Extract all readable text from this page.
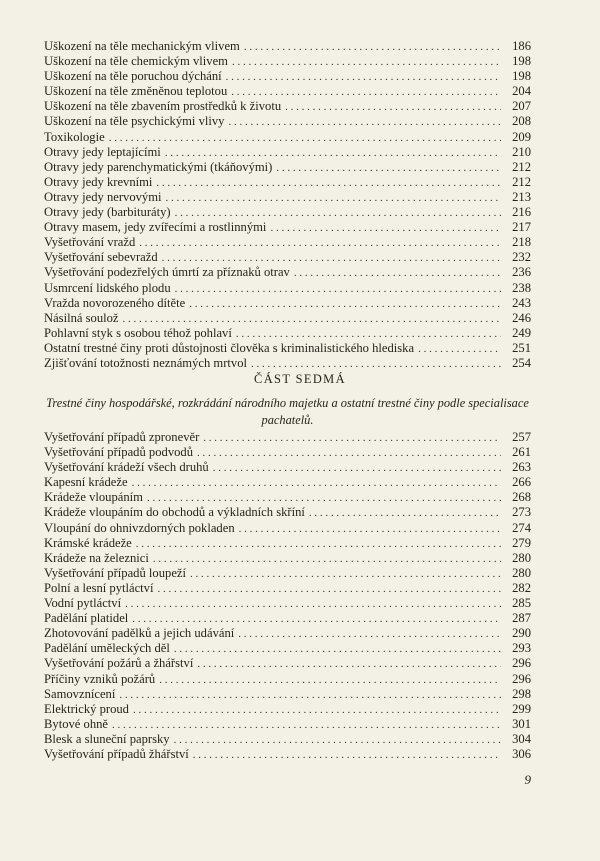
Uškození na těle mechanickým vlivem . . .	186
Uškození na těle chemickým vlivem . . .	198
Uškození na těle poruchou dýchání . . .	198
Uškození na těle změněnou teplotou . . .	204
Uškození na těle zbavením prostředků k životu . . .	207
Uškození na těle psychickými vlivy . . .	208
Toxikologie . . .	209
Otravy jedy leptajícími . . .	210
Otravy jedy parenchymatickými (tkáňovými) . . .	212
Otravy jedy krevními . . .	212
Otravy jedy nervovými . . .	213
Otravy jedy (barbituráty) . . .	216
Otravy masem, jedy zvířecími a rostlinnými . . .	217
Vyšetřování vražd . . .	218
Vyšetřování sebevražd . . .	232
Vyšetřování podezřelých úmrtí za příznaků otrav . . .	236
Usmrcení lidského plodu . . .	238
Vražda novorozeného dítěte . . .	243
Násilná soulož . . .	246
Pohlavní styk s osobou téhož pohlaví . . .	249
Ostatní trestné činy proti důstojnosti člověka s kriminalistického hlediska . . .	251
Zjišťování totožnosti neznámých mrtvol . . .	254
ČÁST SEDMÁ
Trestné činy hospodářské, rozkrádání národního majetku a ostatní trestné činy podle specialisace pachatelů.
Vyšetřování případů zpronevěr . . .	257
Vyšetřování případů podvodů . . .	261
Vyšetřování krádeží všech druhů . . .	263
Kapesní krádeže . . .	266
Krádeže vloupáním . . .	268
Krádeže vloupáním do obchodů a výkladních skříní . . .	273
Vloupání do ohnivzdorných pokladen . . .	274
Krámské krádeže . . .	279
Krádeže na železnici . . .	280
Vyšetřování případů loupeží . . .	280
Polní a lesní pytláctví . . .	282
Vodní pytláctví . . .	285
Padělání platidel . . .	287
Zhotovování padělků a jejich udávání . . .	290
Padělání uměleckých děl . . .	293
Vyšetřování požárů a žhářství . . .	296
Příčiny vzniků požárů . . .	296
Samovznícení . . .	298
Elektrický proud . . .	299
Bytové ohně . . .	301
Blesk a sluneční paprsky . . .	304
Vyšetřování případů žhářství . . .	306
9
